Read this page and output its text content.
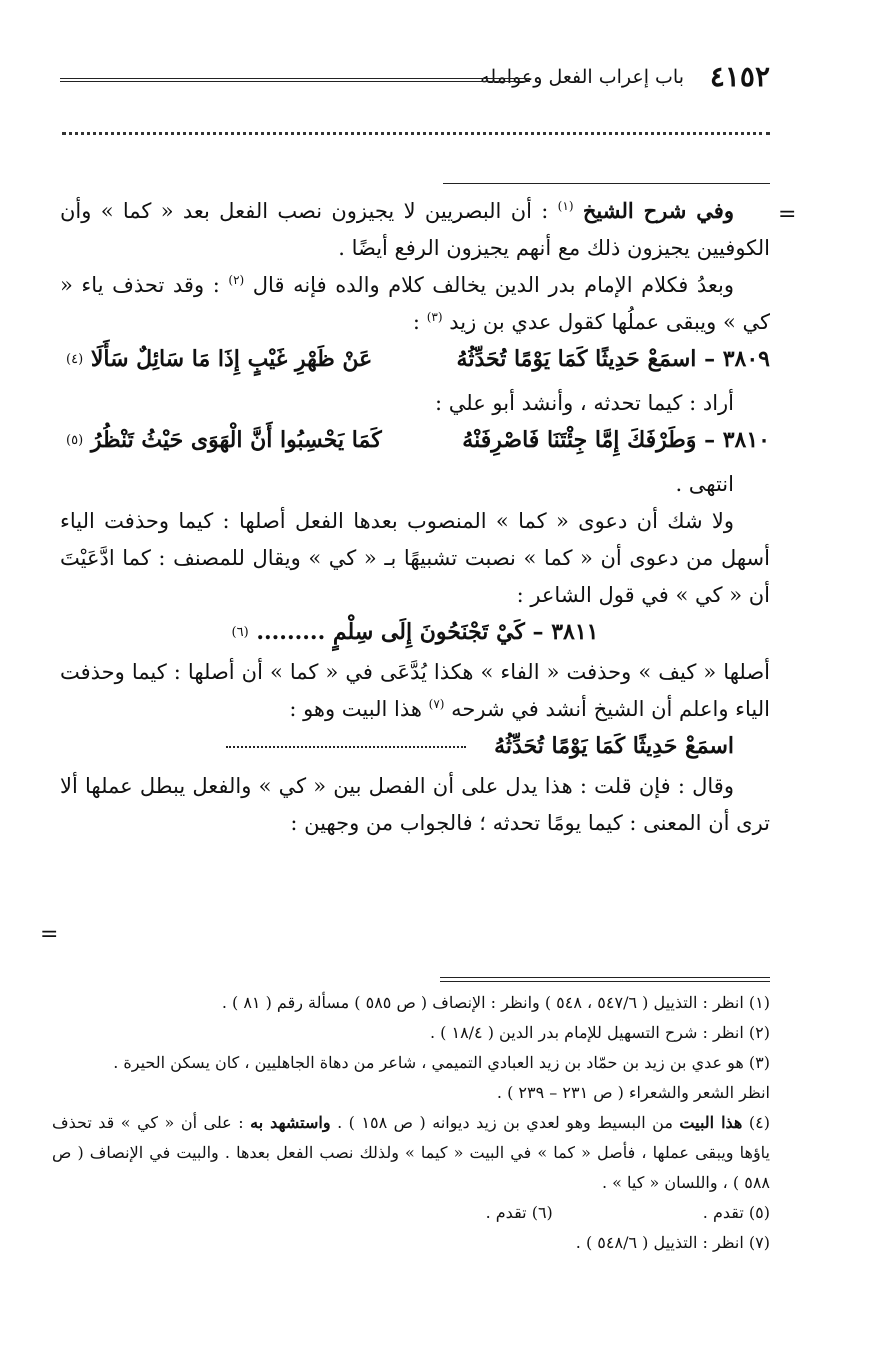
٤١٥٢
باب إعراب الفعل وعوامله
=
=

وفي شرح الشيخ $^{(١)}$ : أن البصريين لا يجيزون نصب الفعل بعد « كما » وأن الكوفيين يجيزون ذلك مع أنهم يجيزون الرفع أيضًا .

وبعدُ فكلام الإمام بدر الدين يخالف كلام والده فإنه قال $^{(٢)}$ : وقد تحذف ياء « كي » ويبقى عملُها كقول عدي بن زيد $^{(٣)}$ :

٣٨٠٩ – اسمَعْ حَدِيثًا كَمَا يَوْمًا تُحَدِّثُهُ
عَنْ ظَهْرِ غَيْبٍ إِذَا مَا سَائِلٌ سَأَلَا $^{(٤)}$

أراد : كيما تحدثه ، وأنشد أبو علي :

٣٨١٠ – وَطَرْفَكَ إِمَّا جِئْتَنَا فَاصْرِفَنْهُ
كَمَا يَحْسِبُوا أَنَّ الْهَوَى حَيْثُ تَنْظُرُ $^{(٥)}$

انتهى .

ولا شك أن دعوى « كما » المنصوب بعدها الفعل أصلها : كيما وحذفت الياء أسهل من دعوى أن « كما » نصبت تشبيهًا بـ « كي » ويقال للمصنف : كما ادَّعَيْتَ أن « كي » في قول الشاعر :

٣٨١١ – كَيْ تَجْنَحُونَ إِلَى سِلْمٍ ......... $^{(٦)}$

أصلها « كيف » وحذفت « الفاء » هكذا يُدَّعَى في « كما » أن أصلها : كيما وحذفت الياء واعلم أن الشيخ أنشد في شرحه $^{(٧)}$ هذا البيت وهو :

اسمَعْ حَدِيثًا كَمَا يَوْمًا تُحَدِّثُهُ

وقال : فإن قلت : هذا يدل على أن الفصل بين « كي » والفعل يبطل عملها ألا ترى أن المعنى : كيما يومًا تحدثه ؛ فالجواب من وجهين :

(١) انظر : التذييل ( ٥٤٧/٦ ، ٥٤٨ ) وانظر : الإنصاف ( ص ٥٨٥ ) مسألة رقم ( ٨١ ) .

(٢) انظر : شرح التسهيل للإمام بدر الدين ( ١٨/٤ ) .

(٣) هو عدي بن زيد بن حمّاد بن زيد العبادي التميمي ، شاعر من دهاة الجاهليين ، كان يسكن الحيرة .

انظر الشعر والشعراء ( ص ٢٣١ – ٢٣٩ ) .

(٤) هذا البيت من البسيط وهو لعدي بن زيد ديوانه ( ص ١٥٨ ) . واستشهد به : على أن « كي » قد تحذف ياؤها ويبقى عملها ، فأصل « كما » في البيت « كيما » ولذلك نصب الفعل بعدها . والبيت في الإنصاف ( ص ٥٨٨ ) ، واللسان « كيا » .

(٥) تقدم .
(٦) تقدم .

(٧) انظر : التذييل ( ٥٤٨/٦ ) .
